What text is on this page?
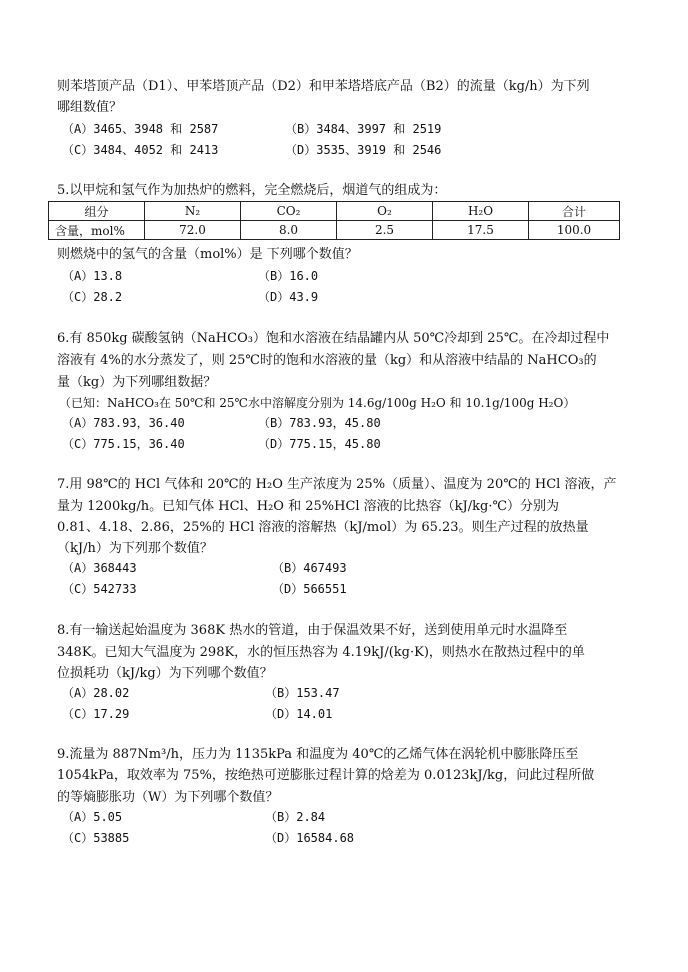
则苯塔顶产品（D1）、甲苯塔顶产品（D2）和甲苯塔塔底产品（B2）的流量（kg/h）为下列
哪组数值？
（A）3465、3948 和 2587	（B）3484、3997 和 2519
（C）3484、4052 和 2413	（D）3535、3919 和 2546
5.以甲烷和氢气作为加热炉的燃料，完全燃烧后，烟道气的组成为：
组分	N₂	CO₂	O₂	H₂O	合计
含量，mol%	72.0	8.0	2.5	17.5	100.0
则燃烧中的氢气的含量（mol%）是 下列哪个数值？
（A）13.8	（B）16.0
（C）28.2	（D）43.9
6.有 850kg 碳酸氢钠（NaHCO₃）饱和水溶液在结晶罐内从 50℃冷却到 25℃。在冷却过程中
溶液有 4%的水分蒸发了，则 25℃时的饱和水溶液的量（kg）和从溶液中结晶的 NaHCO₃的
量（kg）为下列哪组数据？
（已知：NaHCO₃在 50℃和 25℃水中溶解度分别为 14.6g/100g H₂O 和 10.1g/100g H₂O）
（A）783.93，36.40	（B）783.93，45.80
（C）775.15，36.40	（D）775.15，45.80
7.用 98℃的 HCl 气体和 20℃的 H₂O 生产浓度为 25%（质量）、温度为 20℃的 HCl 溶液，产
量为 1200kg/h。已知气体 HCl、H₂O 和 25%HCl 溶液的比热容（kJ/kg·℃）分别为
0.81、4.18、2.86，25%的 HCl 溶液的溶解热（kJ/mol）为 65.23。则生产过程的放热量
（kJ/h）为下列那个数值？
（A）368443	（B）467493
（C）542733	（D）566551
8.有一输送起始温度为 368K 热水的管道，由于保温效果不好，送到使用单元时水温降至
348K。已知大气温度为 298K，水的恒压热容为 4.19kJ/(kg·K)，则热水在散热过程中的单
位损耗功（kJ/kg）为下列哪个数值？
（A）28.02	（B）153.47
（C）17.29	（D）14.01
9.流量为 887Nm³/h，压力为 1135kPa 和温度为 40℃的乙烯气体在涡轮机中膨胀降压至
1054kPa，取效率为 75%，按绝热可逆膨胀过程计算的焓差为 0.0123kJ/kg，问此过程所做
的等熵膨胀功（W）为下列哪个数值？
（A）5.05	（B）2.84
（C）53885	（D）16584.68
